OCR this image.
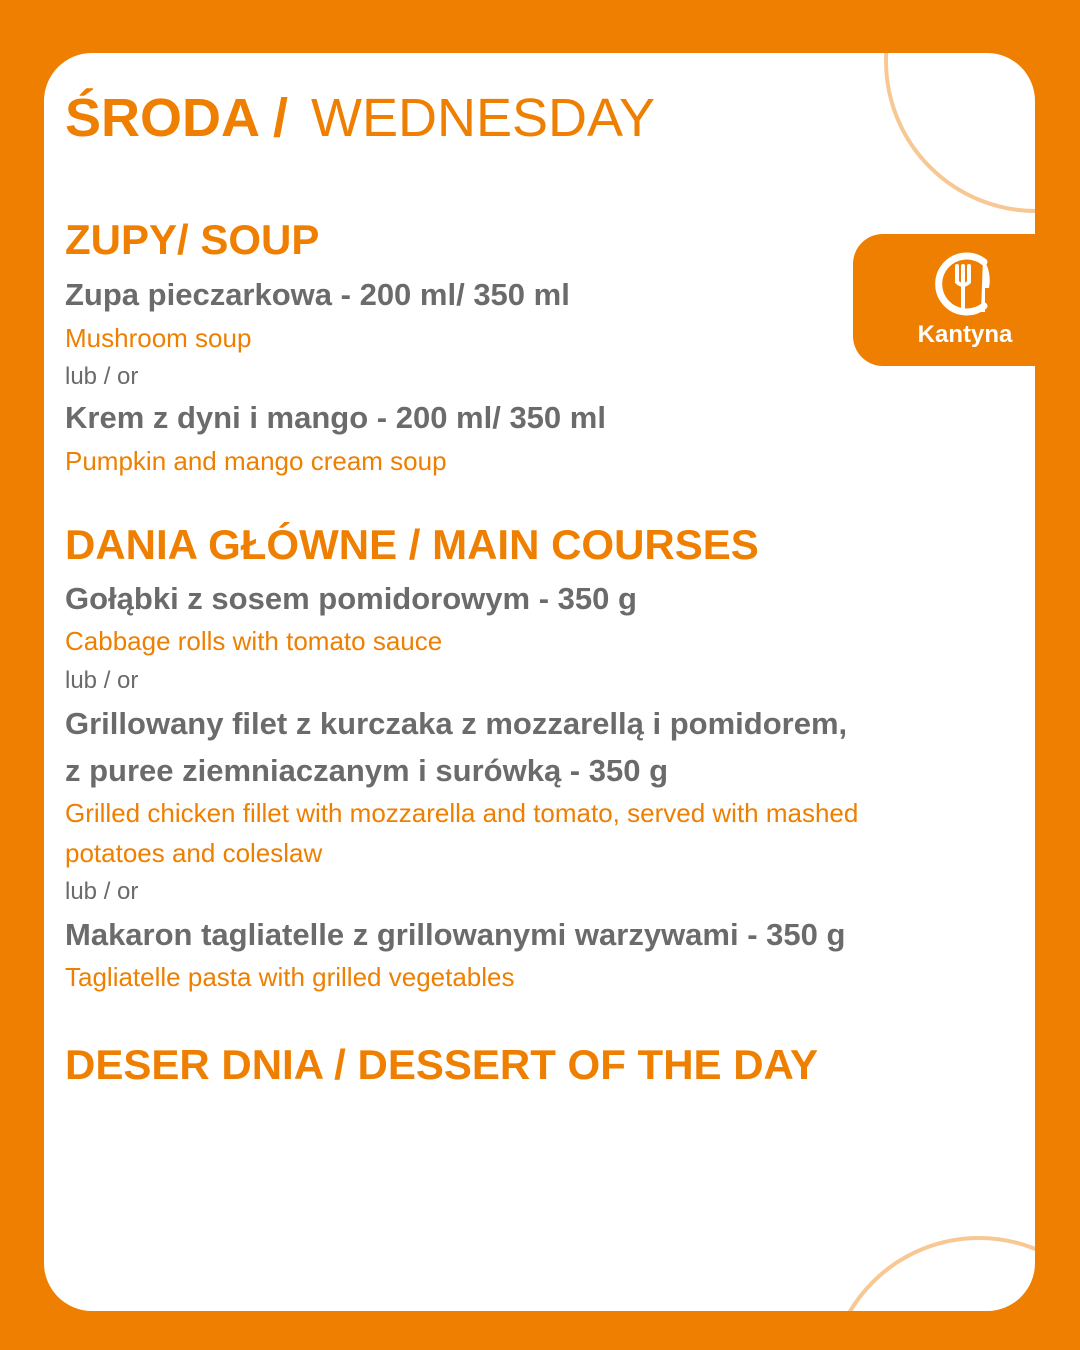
ŚRODA / WEDNESDAY
ZUPY/ SOUP

Zupa pieczarkowa - 200 ml/ 350 ml

Mushroom soup

lub / or

Krem z dyni i mango - 200 ml/ 350 ml

Pumpkin and mango cream soup

DANIA GŁÓWNE / MAIN COURSES

Gołąbki z sosem pomidorowym - 350 g

Cabbage rolls with tomato sauce

lub / or

Grillowany filet z kurczaka z mozzarellą i pomidorem,

z puree ziemniaczanym i surówką - 350 g

Grilled chicken fillet with mozzarella and tomato, served with mashed

potatoes and coleslaw

lub / or

Makaron tagliatelle z grillowanymi warzywami - 350 g

Tagliatelle pasta with grilled vegetables

DESER DNIA / DESSERT OF THE DAY
Kantyna
